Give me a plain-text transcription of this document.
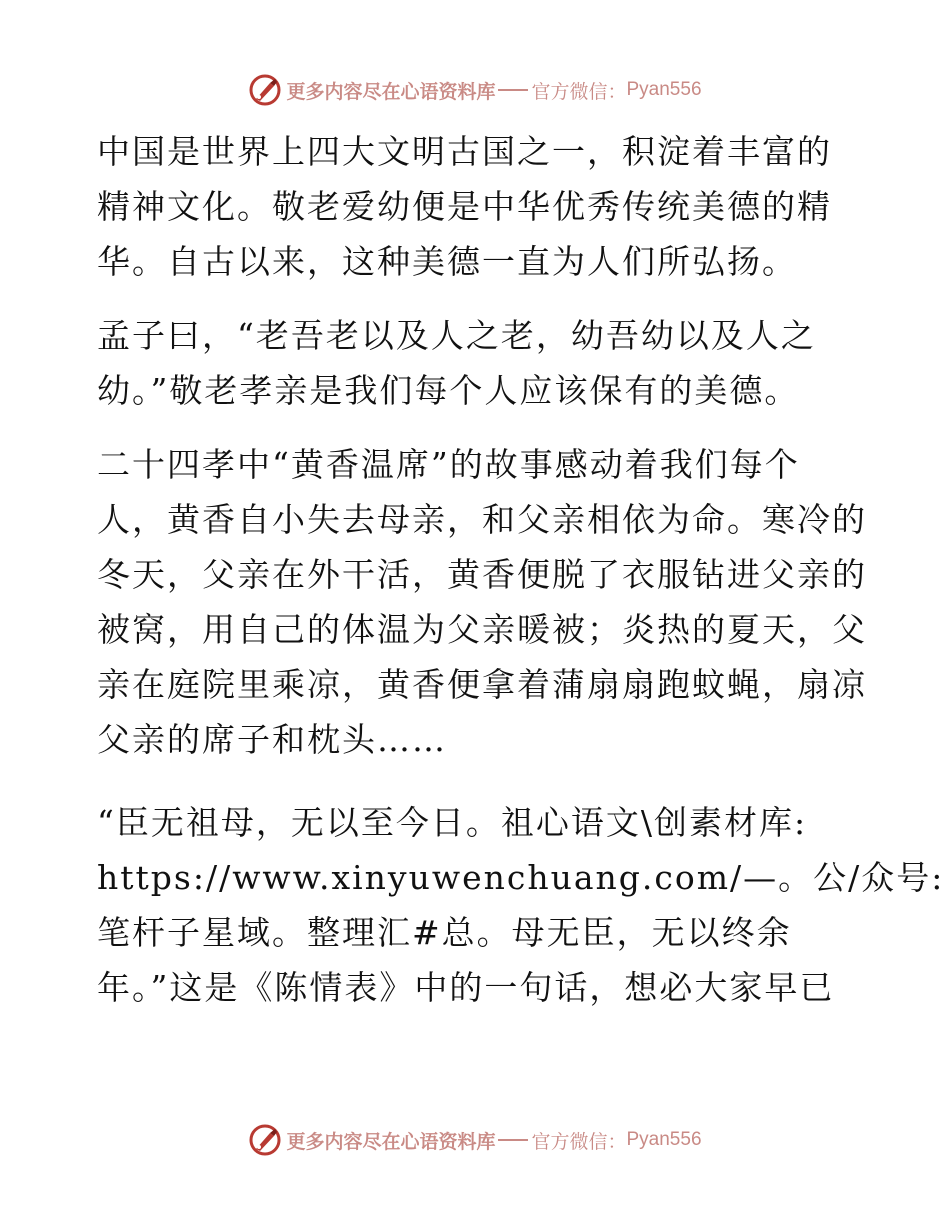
更多内容尽在心语资料库 官方微信： Pyan556

中国是世界上四大文明古国之一，积淀着丰富的

精神文化。敬老爱幼便是中华优秀传统美德的精

华。自古以来，这种美德一直为人们所弘扬。

孟子曰，“老吾老以及人之老，幼吾幼以及人之

幼。”敬老孝亲是我们每个人应该保有的美德。

二十四孝中“黄香温席”的故事感动着我们每个

人，黄香自小失去母亲，和父亲相依为命。寒冷的

冬天，父亲在外干活，黄香便脱了衣服钻进父亲的

被窝，用自己的体温为父亲暖被；炎热的夏天，父

亲在庭院里乘凉，黄香便拿着蒲扇扇跑蚊蝇，扇凉

父亲的席子和枕头……

“臣无祖母，无以至今日。祖心语文\创素材库:

https://www.xinyuwenchuang.com/—。公/众号:

笔杆子星域。整理汇#总。母无臣，无以终余

年。”这是《陈情表》中的一句话，想必大家早已

更多内容尽在心语资料库 官方微信： Pyan556
